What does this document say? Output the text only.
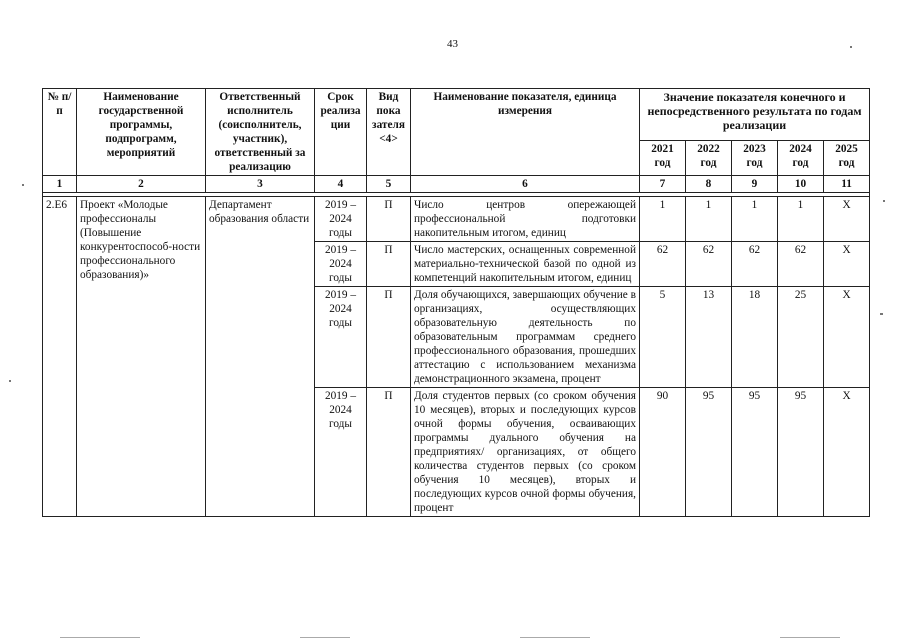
43
№ п/п	Наименование государственной программы, подпрограмм, мероприятий	Ответственный исполнитель (соисполнитель, участник), ответственный за реализацию	Срок реализа ции	Вид пока зателя <4>	Наименование показателя, единица измерения	Значение показателя конечного и непосредственного результата по годам реализации				
						2021 год	2022 год	2023 год	2024 год	2025 год
1	2	3	4	5	6	7	8	9	10	11

2.Е6	Проект «Молодые профессионалы (Повышение конкурентоспособ-ности профессионального образования)»	Департамент образования области	2019 – 2024 годы	П	Число центров опережающей профессиональной подготовки накопительным итогом, единиц	1	1	1	1	Х
			2019 – 2024 годы	П	Число мастерских, оснащенных современной материально-технической базой по одной из компетенций накопительным итогом, единиц	62	62	62	62	Х
			2019 – 2024 годы	П	Доля обучающихся, завершающих обучение в организациях, осуществляющих образовательную деятельность по образовательным программам среднего профессионального образования, прошедших аттестацию с использованием механизма демонстрационного экзамена, процент	5	13	18	25	Х
			2019 – 2024 годы	П	Доля студентов первых (со сроком обучения 10 месяцев), вторых и последующих курсов очной формы обучения, осваивающих программы дуального обучения на предприятиях/ организациях, от общего количества студентов первых (со сроком обучения 10 месяцев), вторых и последующих курсов очной формы обучения, процент	90	95	95	95	Х
